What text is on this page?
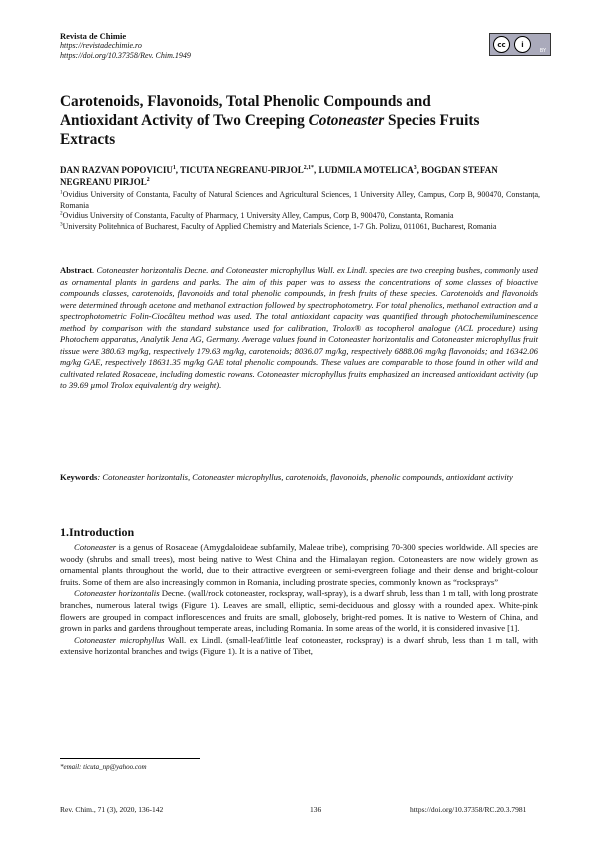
Revista de Chimie
https://revistadechimie.ro
https://doi.org/10.37358/Rev. Chim.1949
cc	i
BY
Carotenoids, Flavonoids, Total Phenolic Compounds and Antioxidant Activity of Two Creeping Cotoneaster Species Fruits Extracts
DAN RAZVAN POPOVICIU$^1$, TICUTA NEGREANU-$PIRJOL^{2,1*}$, LUDMILA MOTELICA$^3$, BOGDAN STEFAN NEGREANU PIRJOL$^2$

$^1$Ovidius University of Constanta, Faculty of Natural Sciences and Agricultural Sciences, 1 University Alley, Campus, Corp B, 900470, Constanța, Romania

$^2$Ovidius University of Constanta, Faculty of Pharmacy, 1 University Alley, Campus, Corp B, 900470, Constanta, Romania

$^3$University Politehnica of Bucharest, Faculty of Applied Chemistry and Materials Science, 1-7 Gh. Polizu, 011061, Bucharest, Romania

Abstract. Cotoneaster horizontalis Decne. and Cotoneaster microphyllus Wall. ex Lindl. species are two creeping bushes, commonly used as ornamental plants in gardens and parks. The aim of this paper was to assess the concentrations of some classes of bioactive compounds classes, carotenoids, flavonoids and total phenolic compounds, in fresh fruits of these species. Carotenoids and flavonoids were determined through acetone and methanol extraction followed by spectrophotometry. For total phenolics, methanol extraction and a spectrophotometric Folin-Ciocâlteu method was used. The total antioxidant capacity was quantified through photochemiluminescence method by comparison with the standard substance used for calibration, Trolox® as tocopherol analogue (ACL procedure) using Photochem apparatus, Analytik Jena AG, Germany. Average values found in Cotoneaster horizontalis and Cotoneaster microphyllus fruit tissue were 380.63 mg/kg, respectively 179.63 mg/kg, carotenoids; 8036.07 mg/kg, respectively 6888.06 mg/kg flavonoids; and 16342.06 mg/kg GAE, respectively 18631.35 mg/kg GAE total phenolic compounds. These values are comparable to those found in other wild and cultivated related Rosaceae, including domestic rowans. Cotoneaster microphyllus fruits emphasized an increased antioxidant activity (up to 39.69 µmol Trolox equivalent/g dry weight).
Keywords: Cotoneaster horizontalis, Cotoneaster microphyllus, carotenoids, flavonoids, phenolic compounds, antioxidant activity
1.Introduction

Cotoneaster is a genus of Rosaceae (Amygdaloideae subfamily, Maleae tribe), comprising 70-300 species worldwide. All species are woody (shrubs and small trees), most being native to West China and the Himalayan region. Cotoneasters are now widely grown as ornamental plants throughout the world, due to their attractive evergreen or semi-evergreen foliage and their dense and bright-colour fruits. Some of them are also increasingly common in Romania, including prostrate species, commonly known as “rocksprays”

Cotoneaster horizontalis Decne. (wall/rock cotoneaster, rockspray, wall-spray), is a dwarf shrub, less than 1 m tall, with long prostrate branches, numerous lateral twigs (Figure 1). Leaves are small, elliptic, semi-deciduous and glossy with a rounded apex. White-pink flowers are grouped in compact inflorescences and fruits are small, globosely, bright-red pomes. It is native to Western of China, and grown in parks and gardens throughout temperate areas, including Romania. In some areas of the world, it is considered invasive [1].

Cotoneaster microphyllus Wall. ex Lindl. (small-leaf/little leaf cotoneaster, rockspray) is a dwarf shrub, less than 1 m tall, with extensive horizontal branches and twigs (Figure 1). It is a native of Tibet,

*email: ticuta_np@yahoo.com
Rev. Chim., 71 (3), 2020, 136-142	136	https://doi.org/10.37358/RC.20.3.7981
